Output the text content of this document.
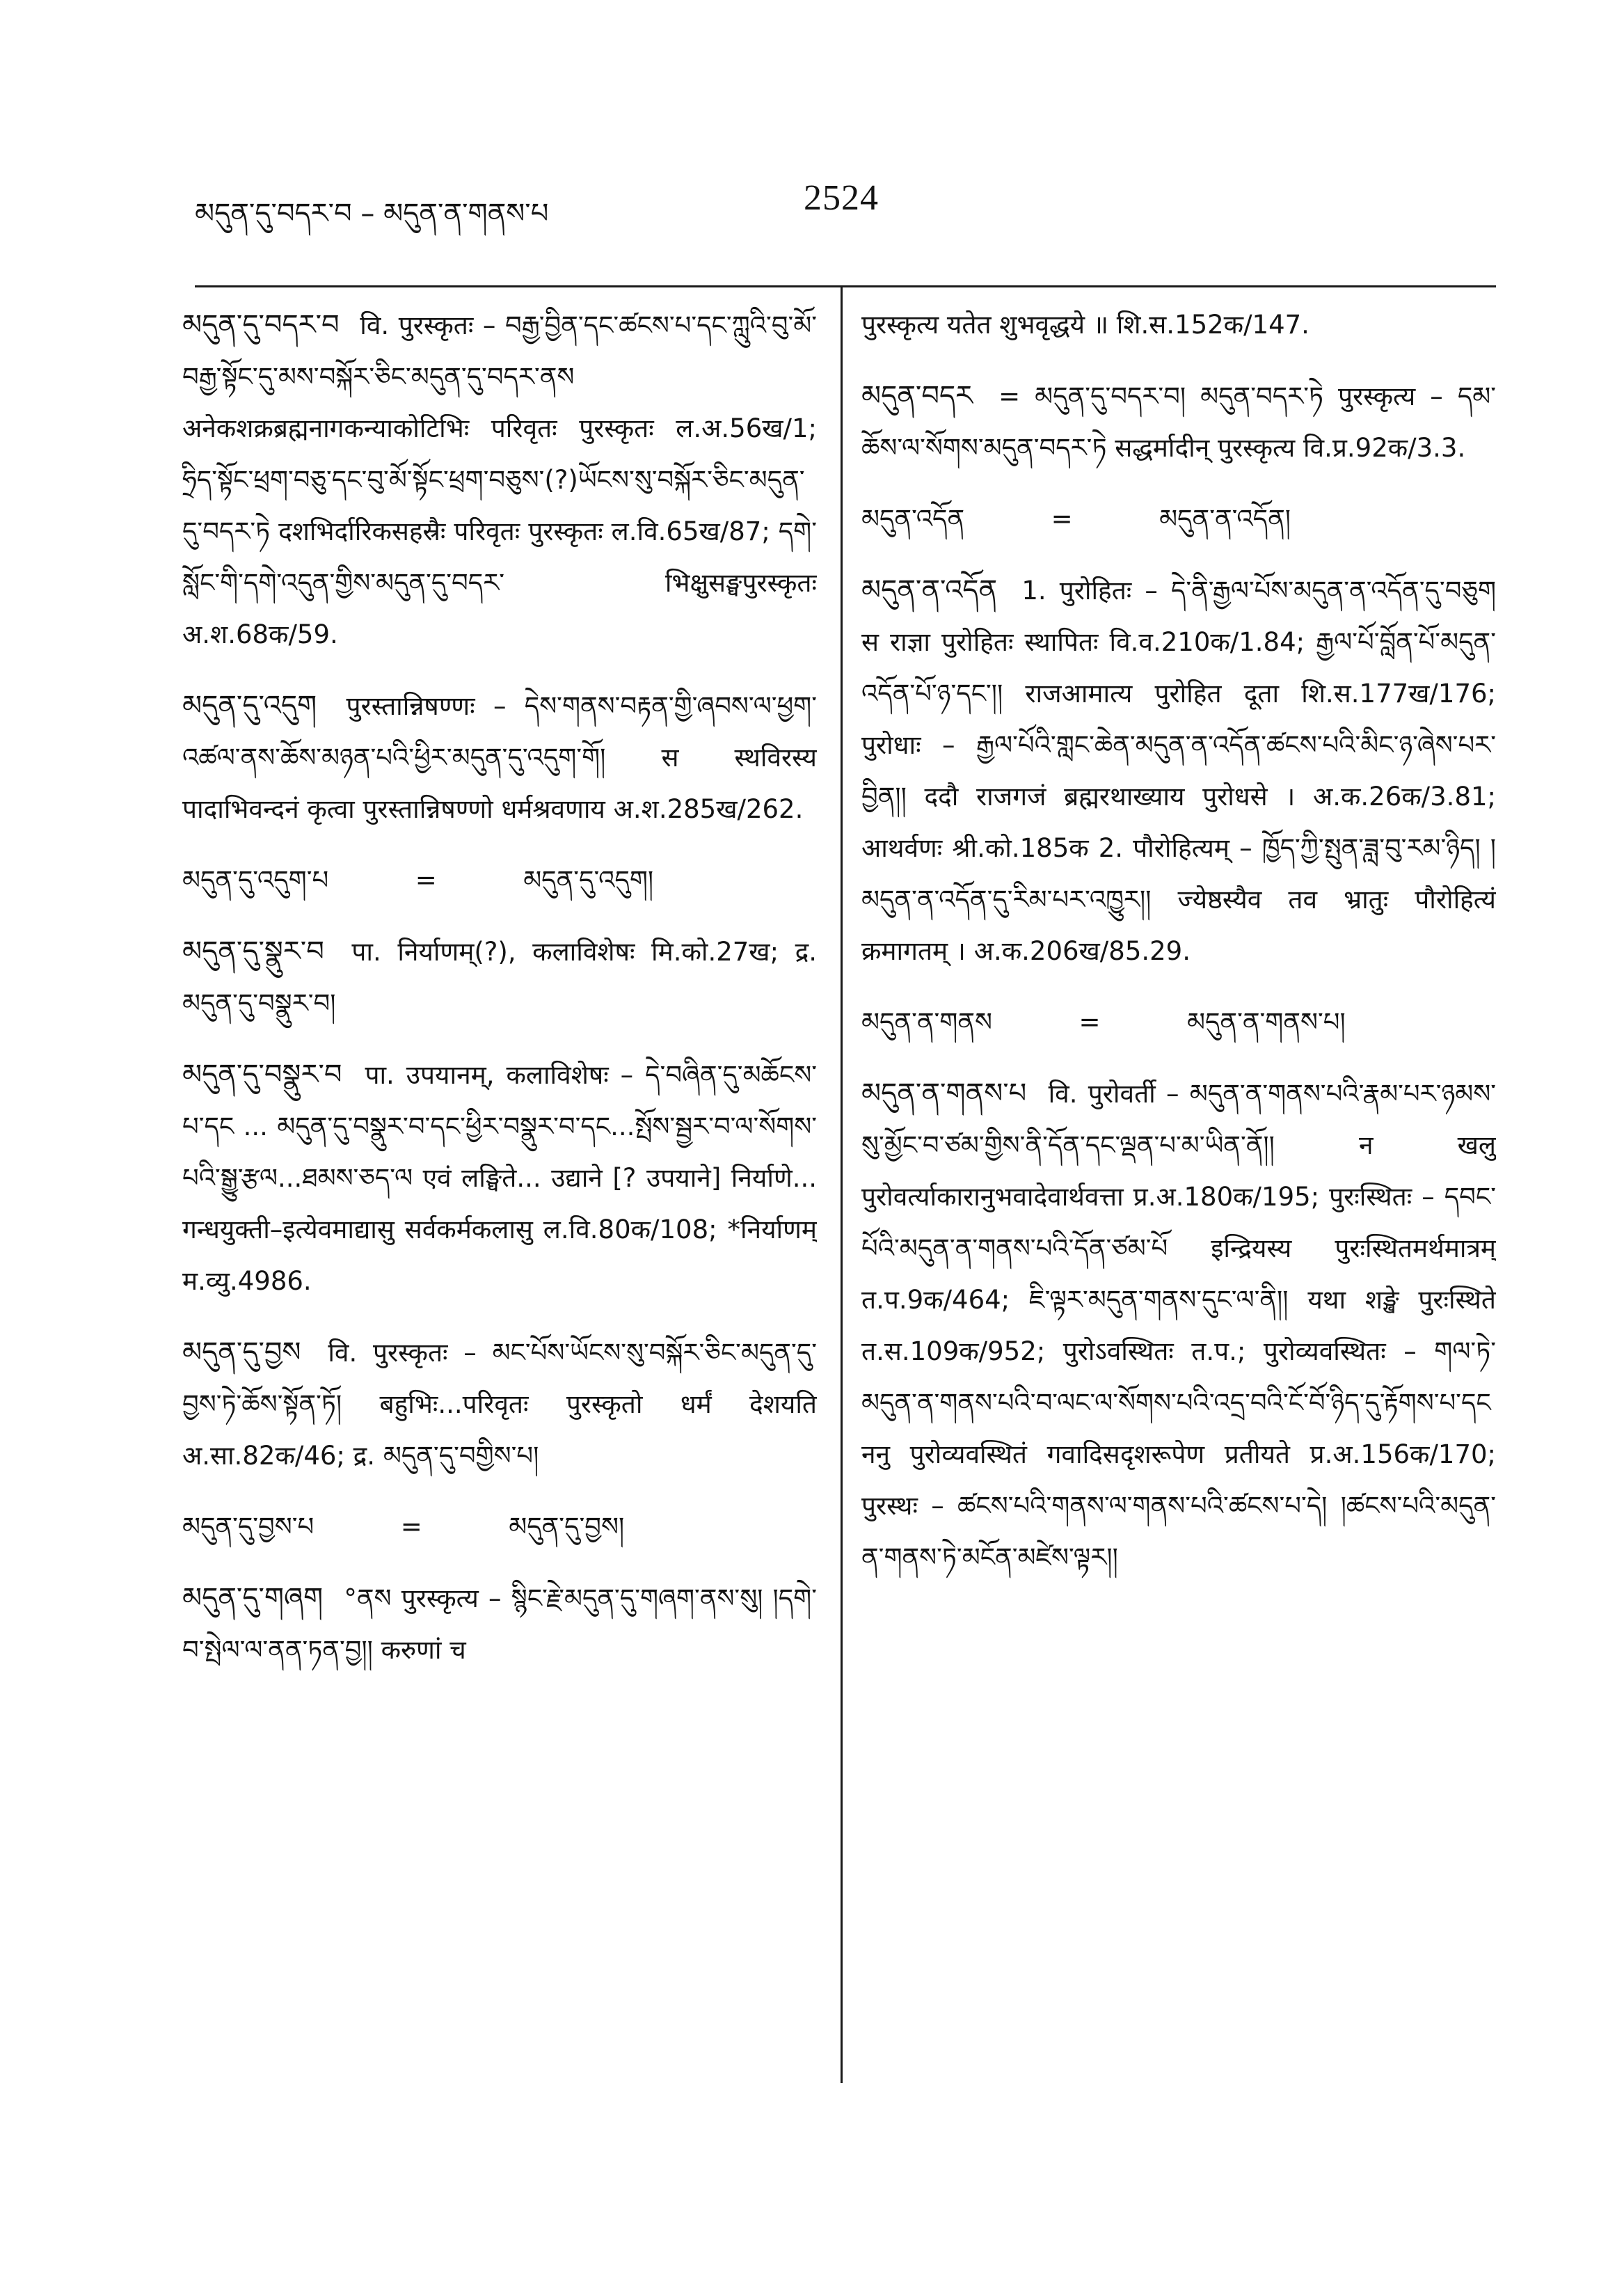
མདུན་དུ་བདར་བ – མདུན་ན་གནས་པ	2524
མདུན་དུ་བདར་བ वि. पुरस्कृतः – བརྒྱ་བྱིན་དང་ཚངས་པ་དང་ཀླུའི་བུ་མོ་བརྒྱ་སྟོང་དུ་མས་བསྐོར་ཅིང་མདུན་དུ་བདར་ནས अनेकशक्रब्रह्मनागकन्याकोटिभिः परिवृतः पुरस्कृतः ल.अ.56ख/1; ཧྲིད་སྟོང་ཕྲག་བཅུ་དང་བུ་མོ་སྟོང་ཕྲག་བཅུས་(?)ཡོངས་སུ་བསྐོར་ཅིང་མདུན་དུ་བདར་ཏེ दशभिर्दारिकसहस्रैः परिवृतः पुरस्कृतः ल.वि.65ख/87; དགེ་སློང་གི་དགེ་འདུན་གྱིས་མདུན་དུ་བདར་ भिक्षुसङ्घपुरस्कृतः अ.श.68क/59.
མདུན་དུ་འདུག पुरस्तान्निषण्णः – དེས་གནས་བརྟན་གྱི་ཞབས་ལ་ཕྱག་འཚལ་ནས་ཆོས་མཉན་པའི་ཕྱིར་མདུན་དུ་འདུག་གོ། स स्थविरस्य पादाभिवन्दनं कृत्वा पुरस्तान्निषण्णो धर्मश्रवणाय अ.श.285ख/262.
མདུན་དུ་འདུག་པ	=	མདུན་དུ་འདུག།
མདུན་དུ་སྣུར་བ पा. निर्याणम्(?), कलाविशेषः मि.को.27ख; द्र. མདུན་དུ་བསྣུར་བ།
མདུན་དུ་བསྣུར་བ पा. उपयानम्, कलाविशेषः – དེ་བཞིན་དུ་མཆོངས་པ་དང ... མདུན་དུ་བསྣུར་བ་དང་ཕྱིར་བསྣུར་བ་དང...སྤོས་སྦྱར་བ་ལ་སོགས་པའི་སྒྱུ་རྩལ...ཐམས་ཅད་ལ एवं लङ्घिते... उद्याने [? उपयाने] निर्याणे... गन्धयुक्ती–इत्येवमाद्यासु सर्वकर्मकलासु ल.वि.80क/108; *निर्याणम् म.व्यु.4986.
མདུན་དུ་བྱས वि. पुरस्कृतः – མང་པོས་ཡོངས་སུ་བསྐོར་ཅིང་མདུན་དུ་བྱས་ཏེ་ཆོས་སྟོན་ཏོ། बहुभिः...परिवृतः पुरस्कृतो धर्मं देशयति अ.सा.82क/46; द्र. མདུན་དུ་བགྱིས་པ།
མདུན་དུ་བྱས་པ	=	མདུན་དུ་བྱས།
མདུན་དུ་གཞག °ནས पुरस्कृत्य – སྙིང་རྗེ་མདུན་དུ་གཞག་ནས་སུ། །དགེ་བ་སྤེལ་ལ་ནན་ཏན་བྱ།། करुणां च
पुरस्कृत्य यतेत शुभवृद्धये ॥ शि.स.152क/147.
མདུན་བདར = མདུན་དུ་བདར་བ། མདུན་བདར་ཏེ पुरस्कृत्य – དམ་ཆོས་ལ་སོགས་མདུན་བདར་ཏེ सद्धर्मादीन् पुरस्कृत्य वि.प्र.92क/3.3.
མདུན་འདོན	=	མདུན་ན་འདོན།
མདུན་ན་འདོན 1. पुरोहितः – དེ་ནི་རྒྱལ་པོས་མདུན་ན་འདོན་དུ་བཅུག स राज्ञा पुरोहितः स्थापितः वि.व.210क/1.84; རྒྱལ་པོ་བློན་པོ་མདུན་འདོན་པོ་ཉ་དང་།། राजआमात्य पुरोहित दूता शि.स.177ख/176; पुरोधाः – རྒྱལ་པོའི་གླང་ཆེན་མདུན་ན་འདོན་ཚངས་པའི་མིང་ཉ་ཞེས་པར་བྱིན།། ददौ राजगजं ब्रह्मरथाख्याय पुरोधसे । अ.क.26क/3.81; आथर्वणः श्री.को.185क 2. पौरोहित्यम् – ཁྱོད་ཀྱི་སྤུན་ཟླ་བུ་རམ་ཉིད། །མདུན་ན་འདོན་དུ་རིམ་པར་འཁྱུར།། ज्येष्ठस्यैव तव भ्रातुः पौरोहित्यं क्रमागतम् । अ.क.206ख/85.29.
མདུན་ན་གནས	=	མདུན་ན་གནས་པ།
མདུན་ན་གནས་པ वि. पुरोवर्ती – མདུན་ན་གནས་པའི་རྣམ་པར་ཉམས་སུ་མྱོང་བ་ཙམ་གྱིས་ནི་དོན་དང་ལྡན་པ་མ་ཡིན་ནོ།། न खलु पुरोवर्त्याकारानुभवादेवार्थवत्ता प्र.अ.180क/195; पुरःस्थितः – དབང་པོའི་མདུན་ན་གནས་པའི་དོན་ཙམ་པོ इन्द्रियस्य पुरःस्थितमर्थमात्रम् त.प.9क/464; ཇི་ལྟར་མདུན་གནས་དུང་ལ་ནི།། यथा शङ्खे पुरःस्थिते त.स.109क/952; पुरोऽवस्थितः त.प.; पुरोव्यवस्थितः – གལ་ཏེ་མདུན་ན་གནས་པའི་བ་ལང་ལ་སོགས་པའི་འདྲ་བའི་ངོ་བོ་ཉིད་དུ་རྟོགས་པ་དང ननु पुरोव्यवस्थितं गवादिसदृशरूपेण प्रतीयते प्र.अ.156क/170; पुरस्थः – ཚངས་པའི་གནས་ལ་གནས་པའི་ཚངས་པ་དེ། །ཚངས་པའི་མདུན་ན་གནས་ཏེ་མངོན་མཛེས་ལྟར།།
